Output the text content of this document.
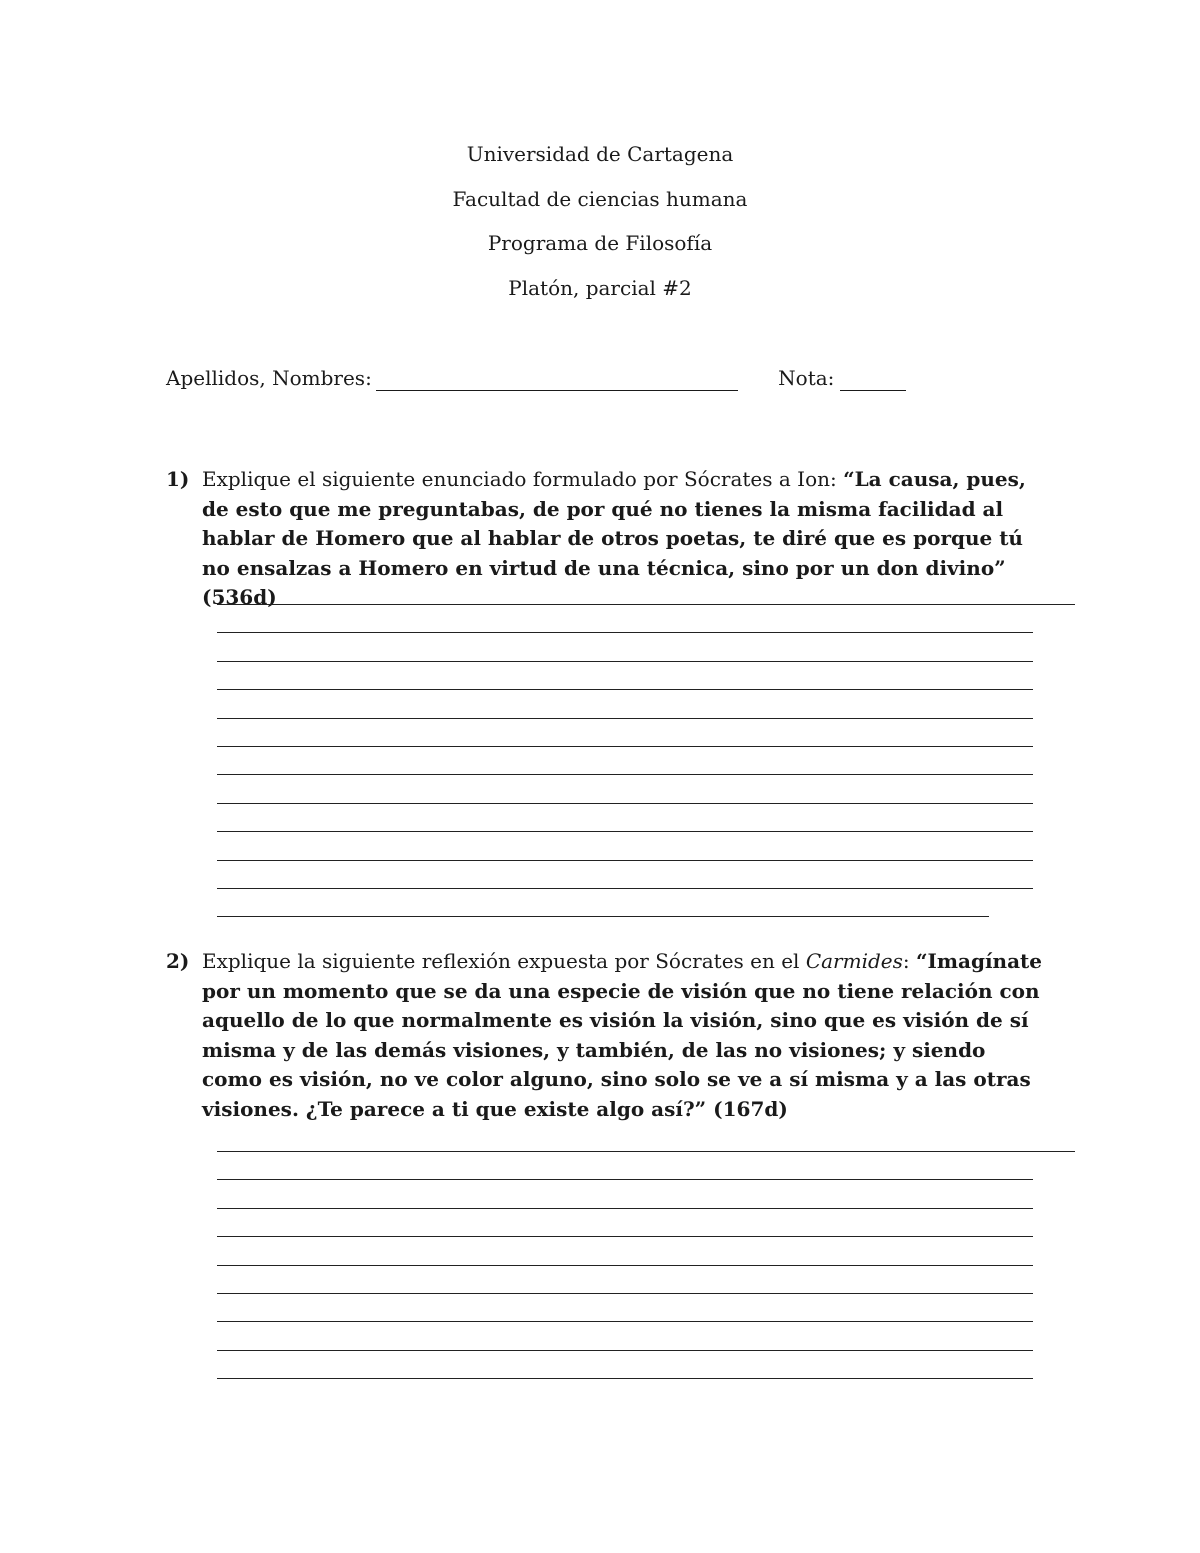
Universidad de Cartagena
Facultad de ciencias humana
Programa de Filosofía
Platón, parcial #2
Apellidos, Nombres:	Nota:
1) Explique el siguiente enunciado formulado por Sócrates a Ion: “La causa, pues, de esto que me preguntabas, de por qué no tienes la misma facilidad al hablar de Homero que al hablar de otros poetas, te diré que es porque tú no ensalzas a Homero en virtud de una técnica, sino por un don divino” (536d)
2) Explique la siguiente reflexión expuesta por Sócrates en el Carmides: “Imagínate por un momento que se da una especie de visión que no tiene relación con aquello de lo que normalmente es visión la visión, sino que es visión de sí misma y de las demás visiones, y también, de las no visiones; y siendo como es visión, no ve color alguno, sino solo se ve a sí misma y a las otras visiones. ¿Te parece a ti que existe algo así?” (167d)
